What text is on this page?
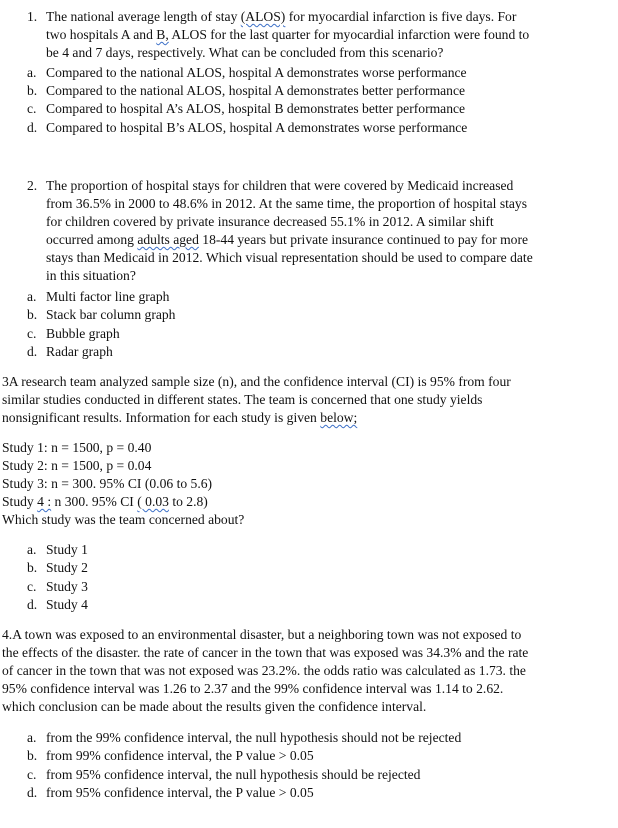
1. The national average length of stay (ALOS) for myocardial infarction is five days. For
two hospitals A and B, ALOS for the last quarter for myocardial infarction were found to
be 4 and 7 days, respectively. What can be concluded from this scenario?
a. Compared to the national ALOS, hospital A demonstrates worse performance
b. Compared to the national ALOS, hospital A demonstrates better performance
c. Compared to hospital A’s ALOS, hospital B demonstrates better performance
d. Compared to hospital B’s ALOS, hospital A demonstrates worse performance
2. The proportion of hospital stays for children that were covered by Medicaid increased
from 36.5% in 2000 to 48.6% in 2012. At the same time, the proportion of hospital stays
for children covered by private insurance decreased 55.1% in 2012. A similar shift
occurred among adults aged 18-44 years but private insurance continued to pay for more
stays than Medicaid in 2012. Which visual representation should be used to compare date
in this situation?
a. Multi factor line graph
b. Stack bar column graph
c. Bubble graph
d. Radar graph
3A research team analyzed sample size (n), and the confidence interval (CI) is 95% from four
similar studies conducted in different states. The team is concerned that one study yields
nonsignificant results. Information for each study is given below;
Study 1: n = 1500, p = 0.40
Study 2: n = 1500, p = 0.04
Study 3: n = 300. 95% CI (0.06 to 5.6)
Study 4 : n 300. 95% CI ( 0.03 to 2.8)
Which study was the team concerned about?
a. Study 1
b. Study 2
c. Study 3
d. Study 4
4.A town was exposed to an environmental disaster, but a neighboring town was not exposed to
the effects of the disaster. the rate of cancer in the town that was exposed was 34.3% and the rate
of cancer in the town that was not exposed was 23.2%. the odds ratio was calculated as 1.73. the
95% confidence interval was 1.26 to 2.37 and the 99% confidence interval was 1.14 to 2.62.
which conclusion can be made about the results given the confidence interval.
a. from the 99% confidence interval, the null hypothesis should not be rejected
b. from 99% confidence interval, the P value > 0.05
c. from 95% confidence interval, the null hypothesis should be rejected
d. from 95% confidence interval, the P value > 0.05
